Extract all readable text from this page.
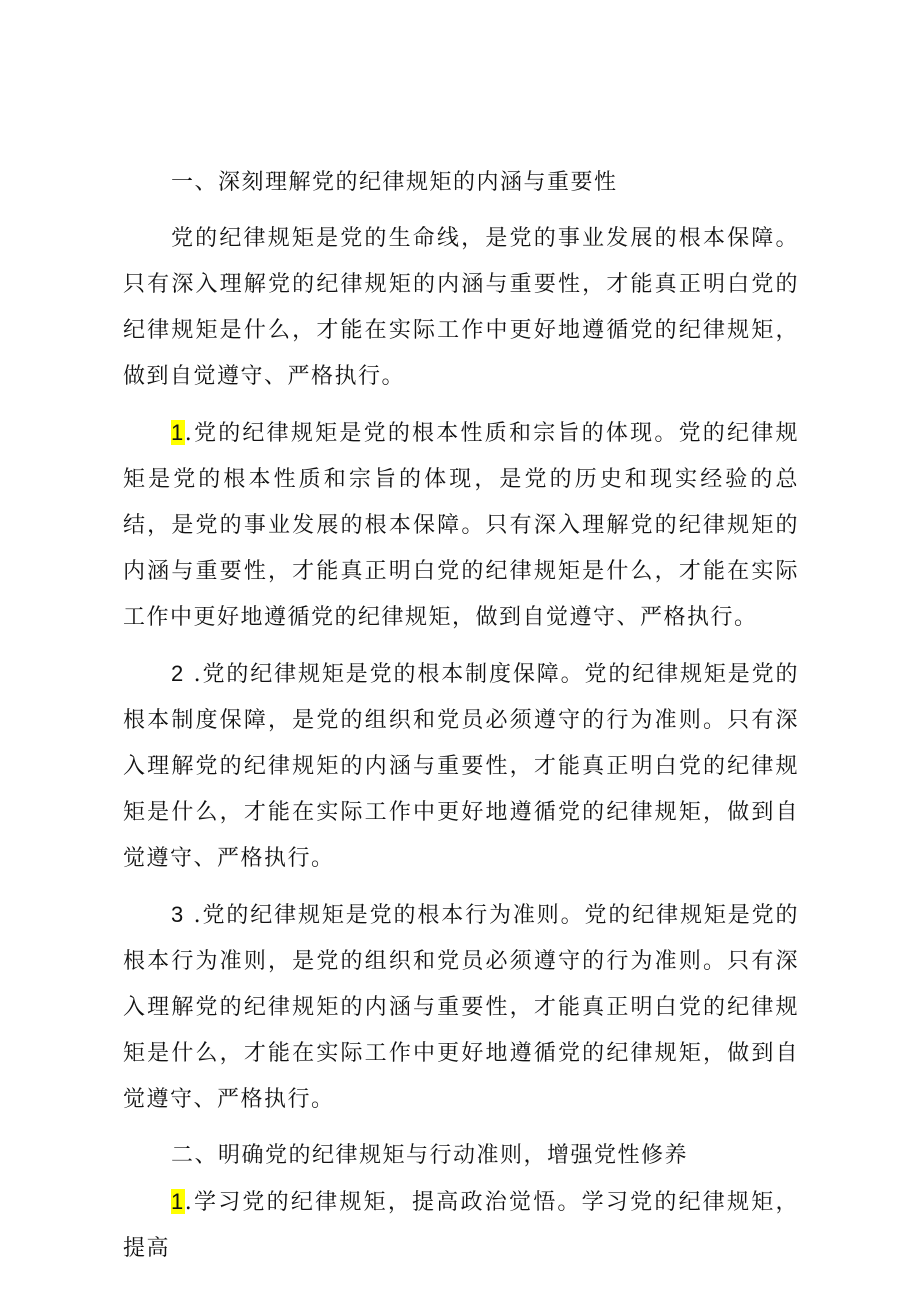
一、深刻理解党的纪律规矩的内涵与重要性

党的纪律规矩是党的生命线，是党的事业发展的根本保障。只有深入理解党的纪律规矩的内涵与重要性，才能真正明白党的纪律规矩是什么，才能在实际工作中更好地遵循党的纪律规矩，做到自觉遵守、严格执行。

1.党的纪律规矩是党的根本性质和宗旨的体现。党的纪律规矩是党的根本性质和宗旨的体现，是党的历史和现实经验的总结，是党的事业发展的根本保障。只有深入理解党的纪律规矩的内涵与重要性，才能真正明白党的纪律规矩是什么，才能在实际工作中更好地遵循党的纪律规矩，做到自觉遵守、严格执行。

2 .党的纪律规矩是党的根本制度保障。党的纪律规矩是党的根本制度保障，是党的组织和党员必须遵守的行为准则。只有深入理解党的纪律规矩的内涵与重要性，才能真正明白党的纪律规矩是什么，才能在实际工作中更好地遵循党的纪律规矩，做到自觉遵守、严格执行。

3 .党的纪律规矩是党的根本行为准则。党的纪律规矩是党的根本行为准则，是党的组织和党员必须遵守的行为准则。只有深入理解党的纪律规矩的内涵与重要性，才能真正明白党的纪律规矩是什么，才能在实际工作中更好地遵循党的纪律规矩，做到自觉遵守、严格执行。

二、明确党的纪律规矩与行动准则，增强党性修养

1.学习党的纪律规矩，提高政治觉悟。学习党的纪律规矩，提高
